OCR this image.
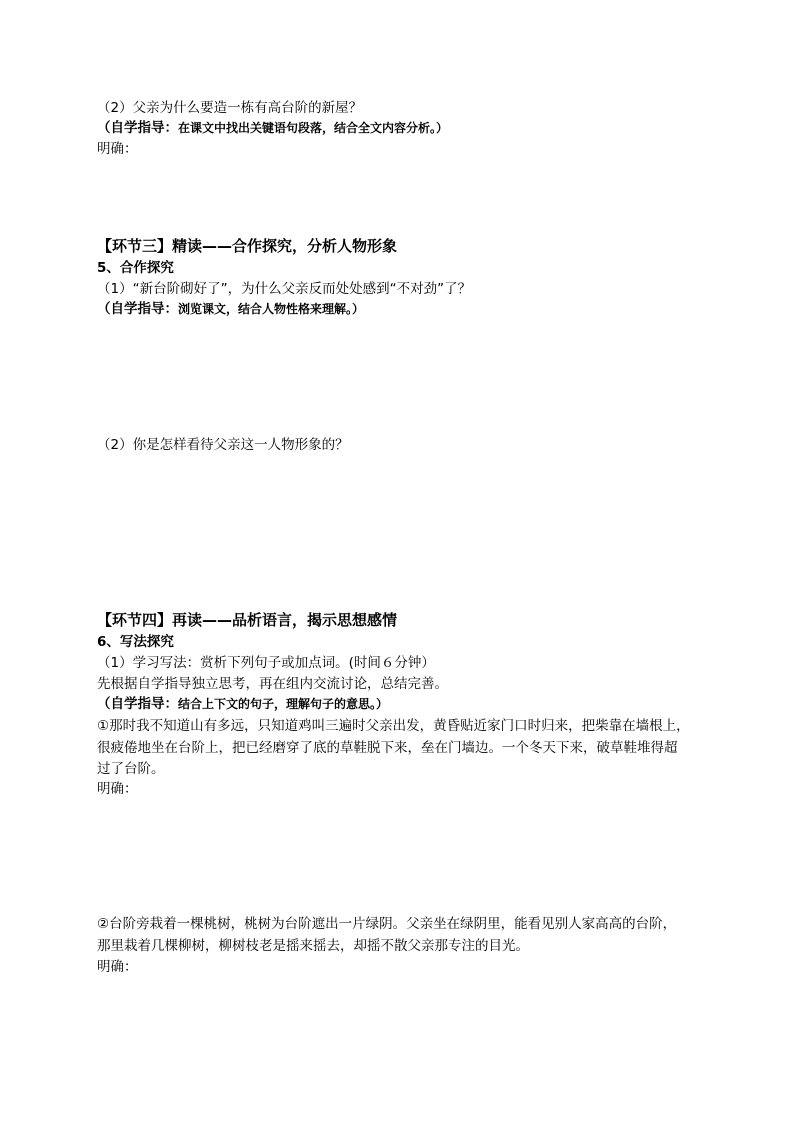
（2）父亲为什么要造一栋有高台阶的新屋？
（自学指导：在课文中找出关键语句段落，结合全文内容分析。）
明确：
【环节三】精读——合作探究，分析人物形象
5、合作探究
（1）“新台阶砌好了”，为什么父亲反而处处感到“不对劲”了？
（自学指导：浏览课文，结合人物性格来理解。）
（2）你是怎样看待父亲这一人物形象的？
【环节四】再读——品析语言，揭示思想感情
6、写法探究
（1）学习写法：赏析下列句子或加点词。(时间６分钟）
先根据自学指导独立思考，再在组内交流讨论，总结完善。
（自学指导：结合上下文的句子，理解句子的意思。）
①那时我不知道山有多远，只知道鸡叫三遍时父亲出发，黄昏贴近家门口时归来，把柴靠在墙根上，
很疲倦地坐在台阶上，把已经磨穿了底的草鞋脱下来，垒在门墙边。一个冬天下来，破草鞋堆得超
过了台阶。
明确：
②台阶旁栽着一棵桃树，桃树为台阶遮出一片绿阴。父亲坐在绿阴里，能看见别人家高高的台阶，
那里栽着几棵柳树，柳树枝老是摇来摇去，却摇不散父亲那专注的目光。
明确：
